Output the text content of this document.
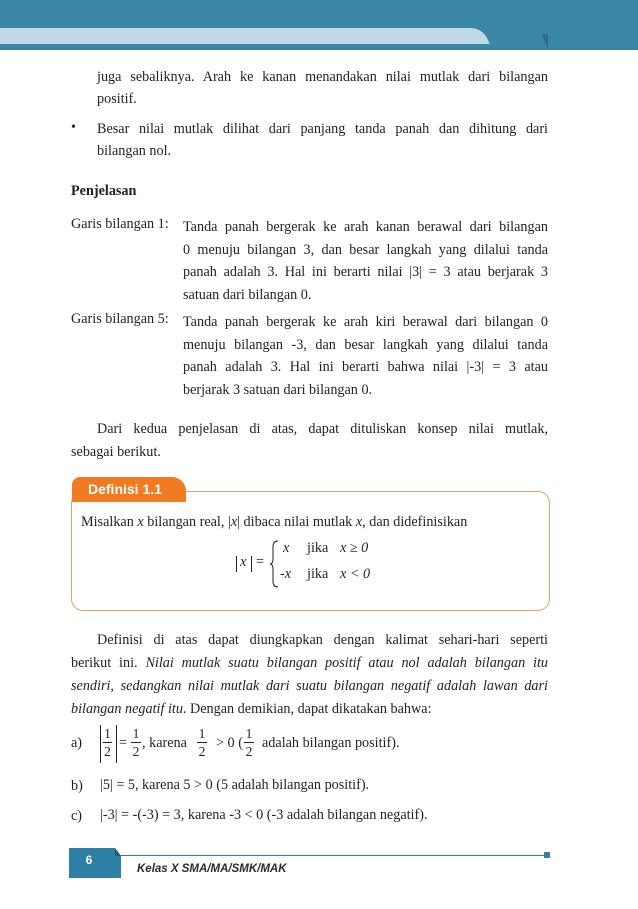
juga sebaliknya. Arah ke kanan menandakan nilai mutlak dari bilangan
positif.
• Besar nilai mutlak dilihat dari panjang tanda panah dan dihitung dari
bilangan nol.
Penjelasan
Garis bilangan 1: Tanda panah bergerak ke arah kanan berawal dari bilangan
0 menuju bilangan 3, dan besar langkah yang dilalui tanda
panah adalah 3. Hal ini berarti nilai |3| = 3 atau berjarak 3
satuan dari bilangan 0.
Garis bilangan 5: Tanda panah bergerak ke arah kiri berawal dari bilangan 0
menuju bilangan -3, dan besar langkah yang dilalui tanda
panah adalah 3. Hal ini berarti bahwa nilai |-3| = 3 atau
berjarak 3 satuan dari bilangan 0.
Dari kedua penjelasan di atas, dapat dituliskan konsep nilai mutlak,
sebagai berikut.
Definisi 1.1
Misalkan x bilangan real, |x| dibaca nilai mutlak x, dan didefinisikan
x =
x jika x ≥ 0
-x jika x < 0
Definisi di atas dapat diungkapkan dengan kalimat sehari-hari seperti
berikut ini. Nilai mutlak suatu bilangan positif atau nol adalah bilangan itu
sendiri, sedangkan nilai mutlak dari suatu bilangan negatif adalah lawan dari
bilangan negatif itu. Dengan demikian, dapat dikatakan bahwa:
$a) \frac{1}{2} = \frac{1}{2}$ , karena $\frac{1}{2} > 0$ ( $\frac{1}{2}$ adalah bilangan positif).
b) |5| = 5, karena 5 > 0 (5 adalah bilangan positif).
c) |-3| = -(-3) = 3, karena -3 < 0 (-3 adalah bilangan negatif).
6
Kelas X SMA/MA/SMK/MAK
